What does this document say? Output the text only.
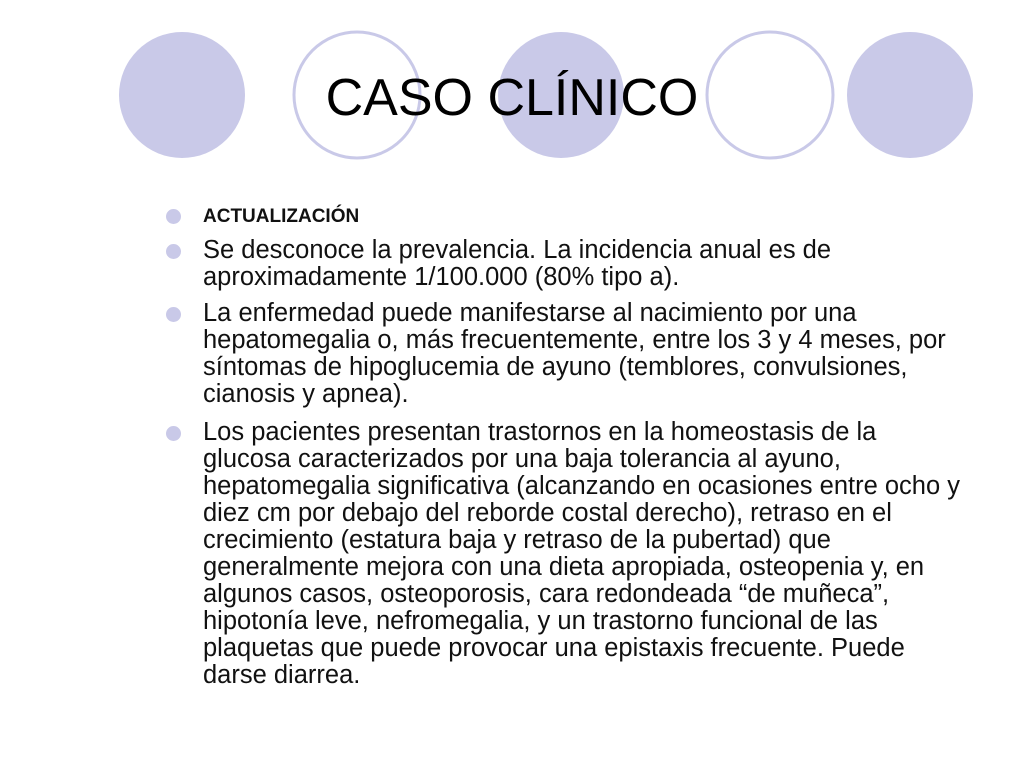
CASO CLÍNICO
ACTUALIZACIÓN
Se desconoce la prevalencia. La incidencia anual es de aproximadamente 1/100.000 (80% tipo a).
La enfermedad puede manifestarse al nacimiento por una hepatomegalia o, más frecuentemente, entre los 3 y 4 meses, por síntomas de hipoglucemia de ayuno (temblores, convulsiones, cianosis y apnea).
Los pacientes presentan trastornos en la homeostasis de la glucosa caracterizados por una baja tolerancia al ayuno, hepatomegalia significativa (alcanzando en ocasiones entre ocho y diez cm por debajo del reborde costal derecho), retraso en el crecimiento (estatura baja y retraso de la pubertad) que generalmente mejora con una dieta apropiada, osteopenia y, en algunos casos, osteoporosis, cara redondeada “de muñeca”, hipotonía leve, nefromegalia, y un trastorno funcional de las plaquetas que puede provocar una epistaxis frecuente. Puede darse diarrea.
